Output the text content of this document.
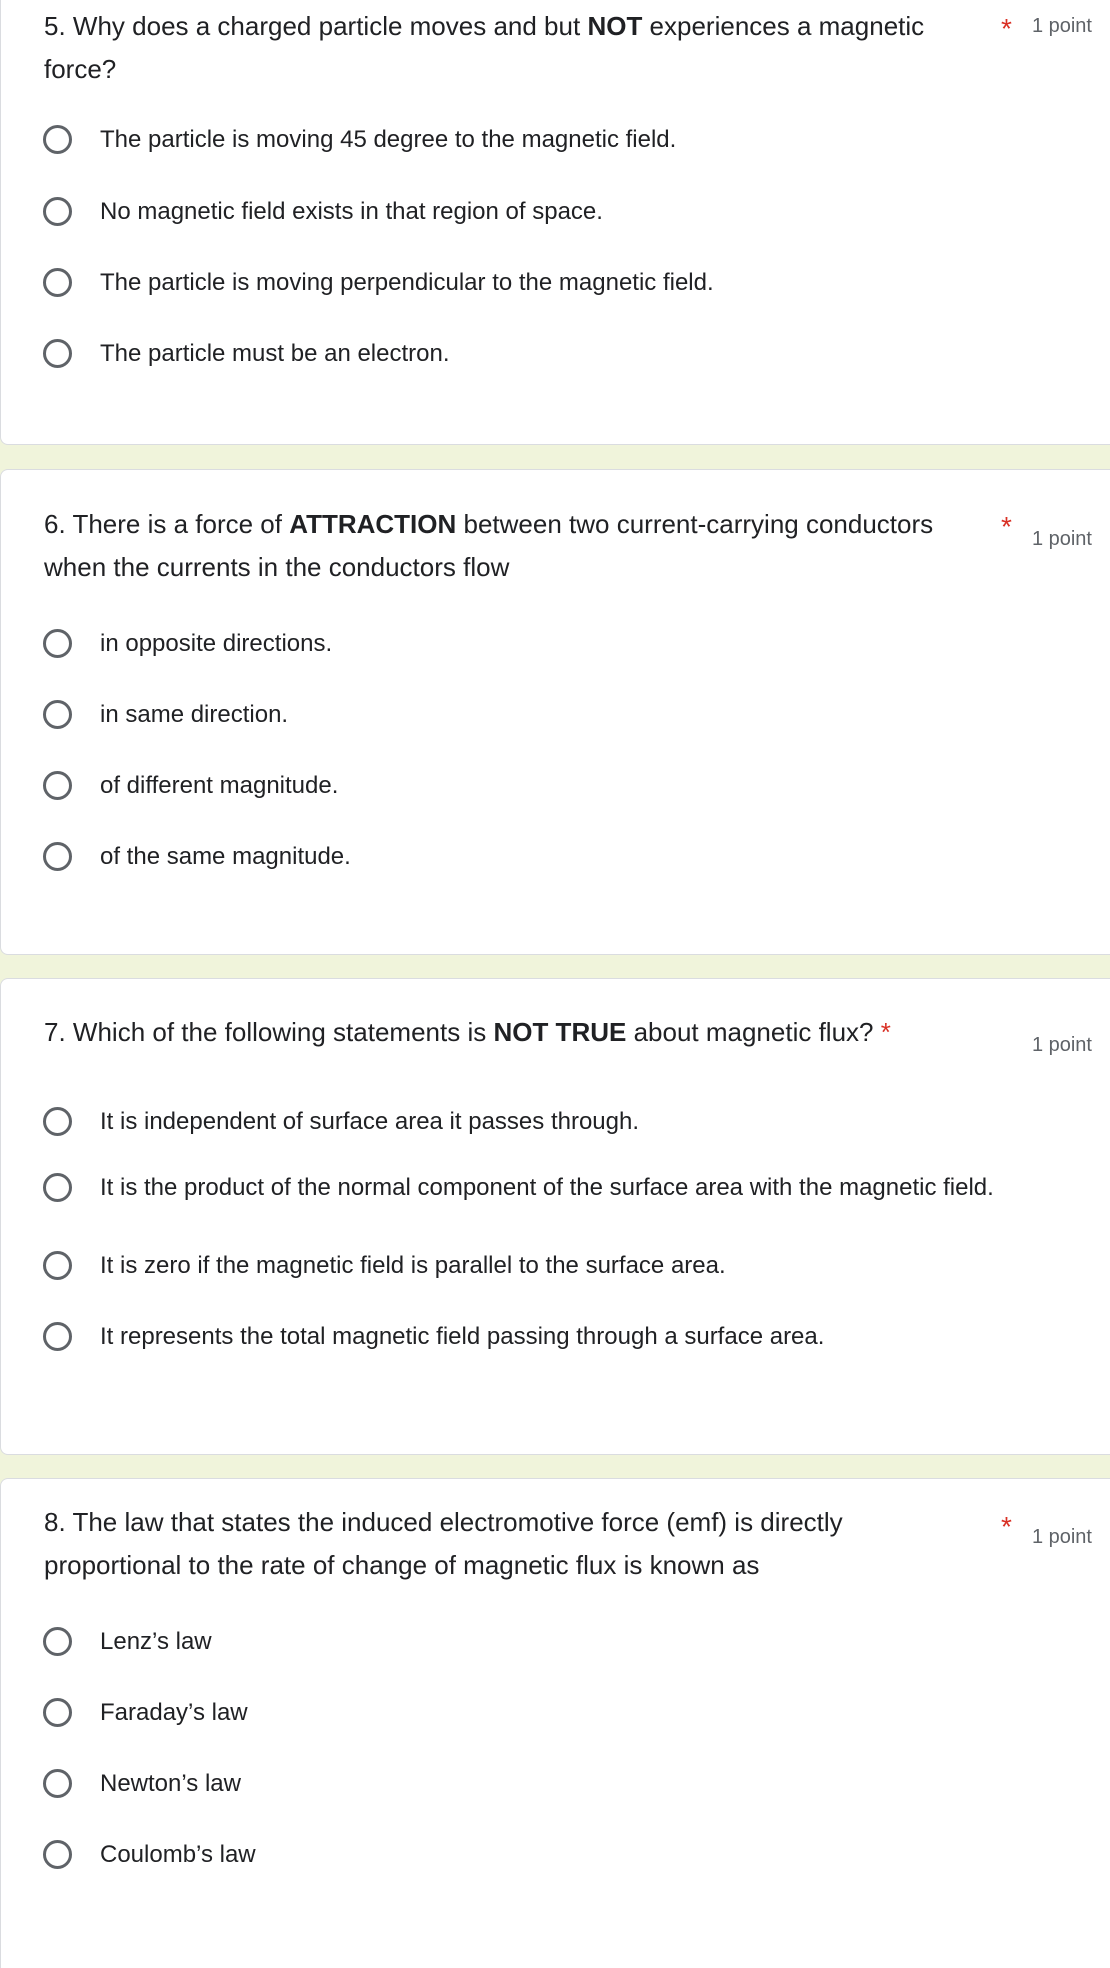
5. Why does a charged particle moves and but NOT experiences a magnetic force?
* 1 point
The particle is moving 45 degree to the magnetic field.
No magnetic field exists in that region of space.
The particle is moving perpendicular to the magnetic field.
The particle must be an electron.
6. There is a force of ATTRACTION between two current-carrying conductors when the currents in the conductors flow
* 1 point
in opposite directions.
in same direction.
of different magnitude.
of the same magnitude.
7. Which of the following statements is NOT TRUE about magnetic flux? *	1 point
It is independent of surface area it passes through.
It is the product of the normal component of the surface area with the magnetic field.
It is zero if the magnetic field is parallel to the surface area.
It represents the total magnetic field passing through a surface area.
8. The law that states the induced electromotive force (emf) is directly proportional to the rate of change of magnetic flux is known as
* 1 point
Lenz’s law
Faraday’s law
Newton’s law
Coulomb’s law
